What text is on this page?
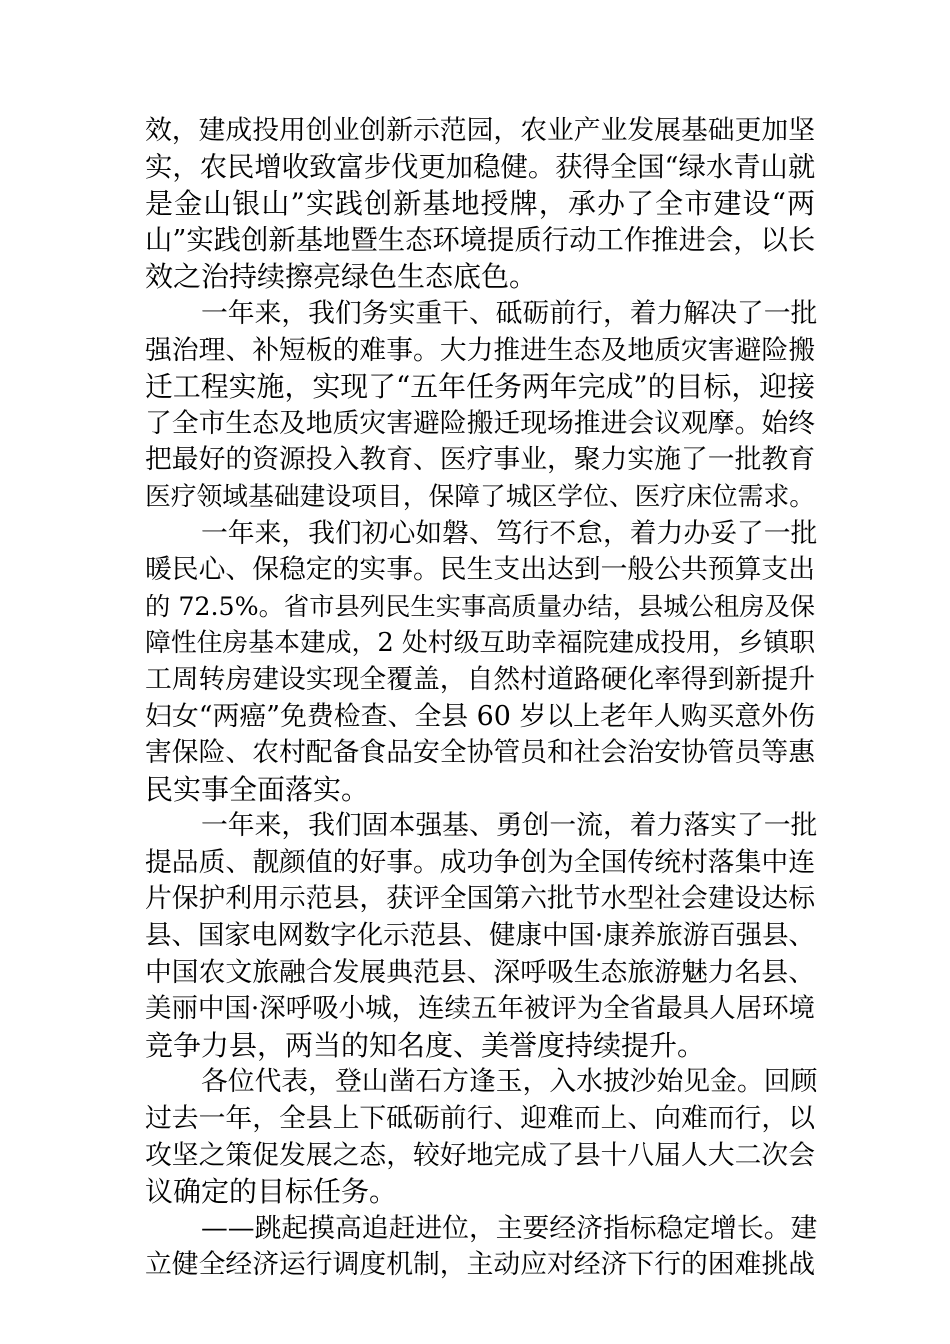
效，建成投用创业创新示范园，农业产业发展基础更加坚
实，农民增收致富步伐更加稳健。获得全国“绿水青山就
是金山银山”实践创新基地授牌，承办了全市建设“两
山”实践创新基地暨生态环境提质行动工作推进会，以长
效之治持续擦亮绿色生态底色。
一年来，我们务实重干、砥砺前行，着力解决了一批
强治理、补短板的难事。大力推进生态及地质灾害避险搬
迁工程实施，实现了“五年任务两年完成”的目标，迎接
了全市生态及地质灾害避险搬迁现场推进会议观摩。始终
把最好的资源投入教育、医疗事业，聚力实施了一批教育
医疗领域基础建设项目，保障了城区学位、医疗床位需求。
一年来，我们初心如磐、笃行不怠，着力办妥了一批
暖民心、保稳定的实事。民生支出达到一般公共预算支出
的 72.5%。省市县列民生实事高质量办结，县城公租房及保
障性住房基本建成，2 处村级互助幸福院建成投用，乡镇职
工周转房建设实现全覆盖，自然村道路硬化率得到新提升
妇女“两癌”免费检查、全县 60 岁以上老年人购买意外伤
害保险、农村配备食品安全协管员和社会治安协管员等惠
民实事全面落实。
一年来，我们固本强基、勇创一流，着力落实了一批
提品质、靓颜值的好事。成功争创为全国传统村落集中连
片保护利用示范县，获评全国第六批节水型社会建设达标
县、国家电网数字化示范县、健康中国·康养旅游百强县、
中国农文旅融合发展典范县、深呼吸生态旅游魅力名县、
美丽中国·深呼吸小城，连续五年被评为全省最具人居环境
竞争力县，两当的知名度、美誉度持续提升。
各位代表，登山凿石方逢玉，入水披沙始见金。回顾
过去一年，全县上下砥砺前行、迎难而上、向难而行，以
攻坚之策促发展之态，较好地完成了县十八届人大二次会
议确定的目标任务。
——跳起摸高追赶进位，主要经济指标稳定增长。建
立健全经济运行调度机制，主动应对经济下行的困难挑战
